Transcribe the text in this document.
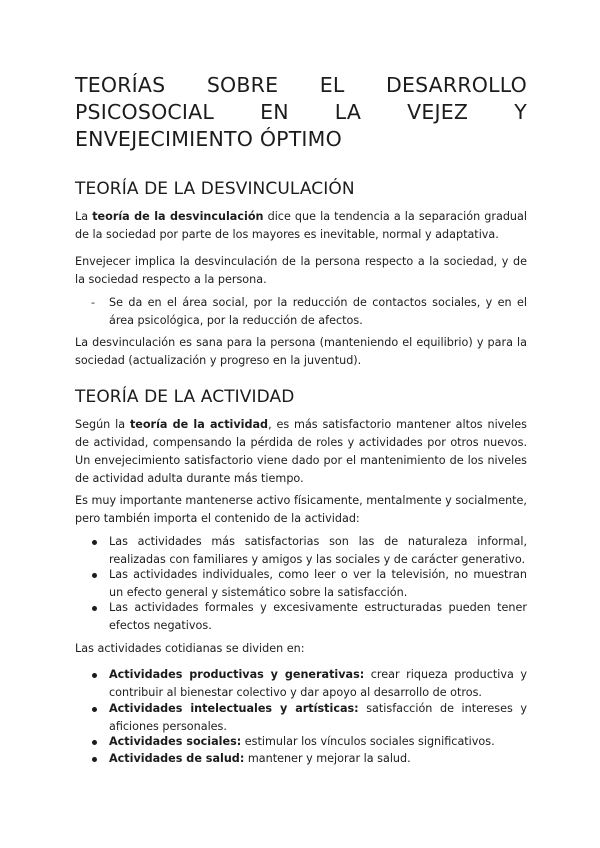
TEORÍAS SOBRE EL DESARROLLO
PSICOSOCIAL EN LA VEJEZ Y
ENVEJECIMIENTO ÓPTIMO
TEORÍA DE LA DESVINCULACIÓN

La teoría de la desvinculación dice que la tendencia a la separación gradual de la sociedad por parte de los mayores es inevitable, normal y adaptativa.

Envejecer implica la desvinculación de la persona respecto a la sociedad, y de la sociedad respecto a la persona.

- Se da en el área social, por la reducción de contactos sociales, y en el área psicológica, por la reducción de afectos.

La desvinculación es sana para la persona (manteniendo el equilibrio) y para la sociedad (actualización y progreso en la juventud).

TEORÍA DE LA ACTIVIDAD

Según la teoría de la actividad, es más satisfactorio mantener altos niveles de actividad, compensando la pérdida de roles y actividades por otros nuevos. Un envejecimiento satisfactorio viene dado por el mantenimiento de los niveles de actividad adulta durante más tiempo.

Es muy importante mantenerse activo físicamente, mentalmente y socialmente, pero también importa el contenido de la actividad:

Las actividades más satisfactorias son las de naturaleza informal, realizadas con familiares y amigos y las sociales y de carácter generativo.
Las actividades individuales, como leer o ver la televisión, no muestran un efecto general y sistemático sobre la satisfacción.
Las actividades formales y excesivamente estructuradas pueden tener efectos negativos.

Las actividades cotidianas se dividen en:

Actividades productivas y generativas: crear riqueza productiva y contribuir al bienestar colectivo y dar apoyo al desarrollo de otros.
Actividades intelectuales y artísticas: satisfacción de intereses y aficiones personales.
Actividades sociales: estimular los vínculos sociales significativos.
Actividades de salud: mantener y mejorar la salud.
